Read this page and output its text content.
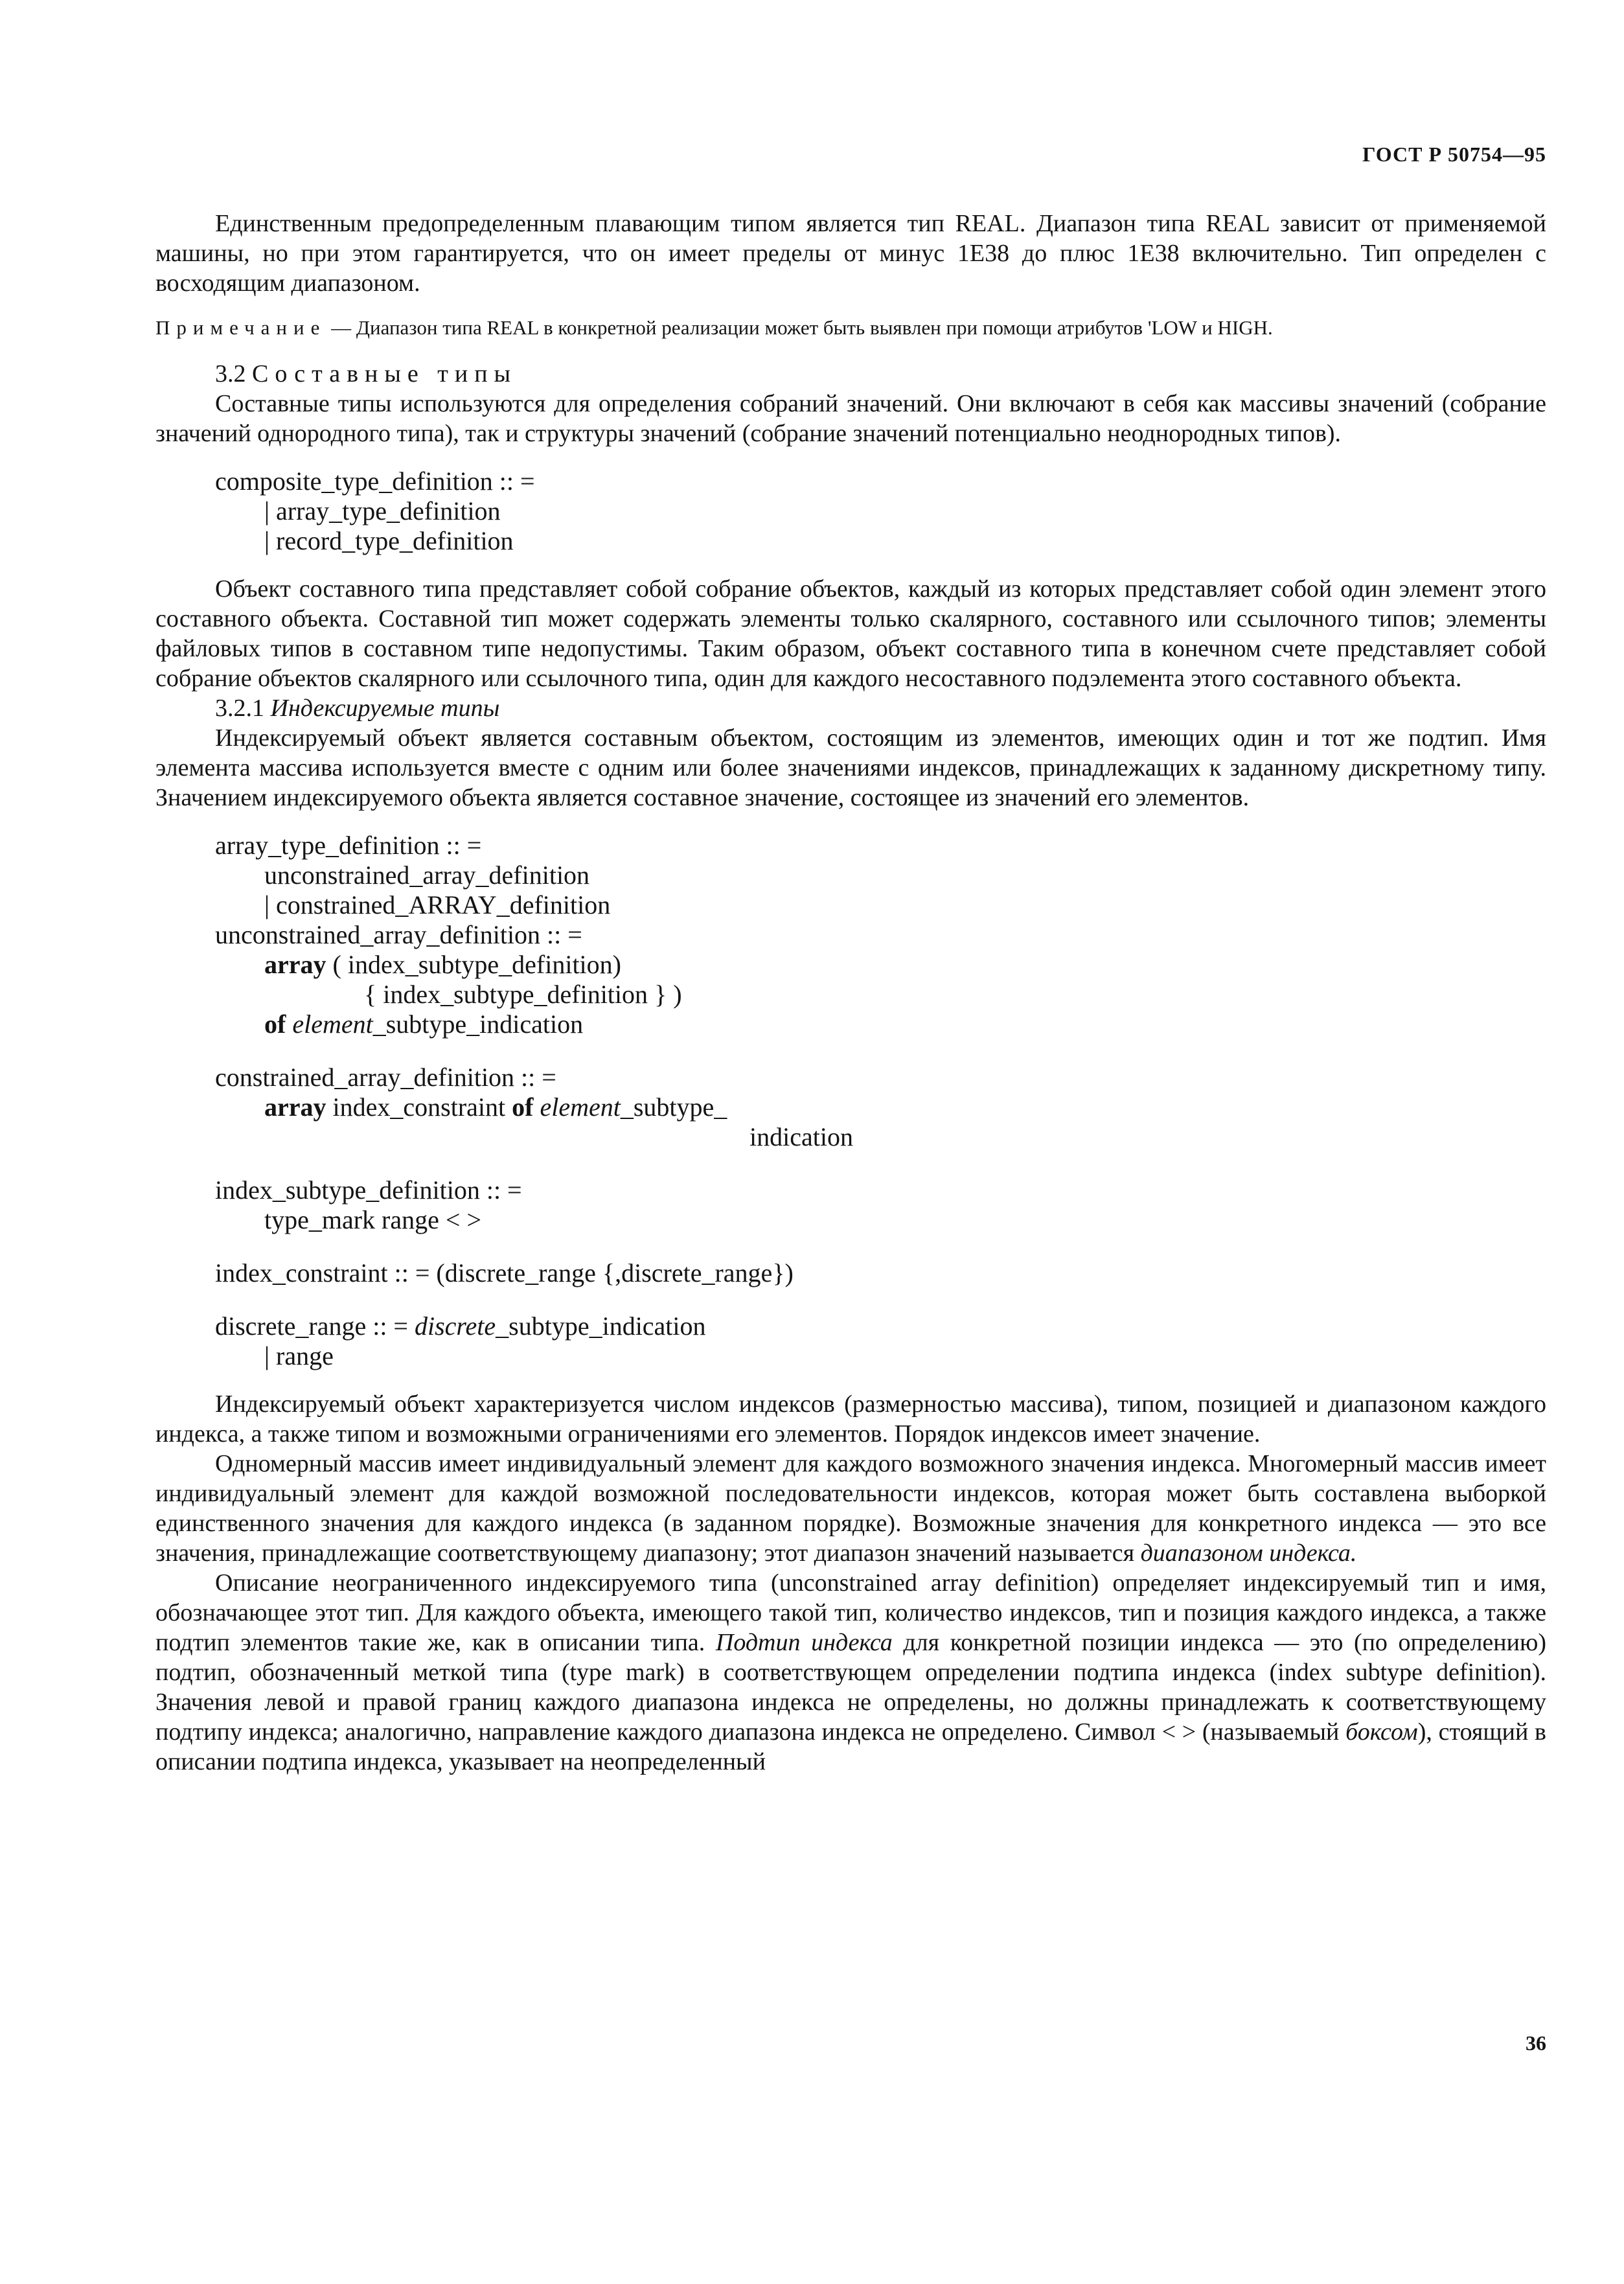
ГОСТ Р 50754—95

Единственным предопределенным плавающим типом является тип REAL. Диапазон типа REAL зависит от применяемой машины, но при этом гарантируется, что он имеет пределы от минус 1E38 до плюс 1E38 включительно. Тип определен с восходящим диапазоном.

Примечание — Диапазон типа REAL в конкретной реализации может быть выявлен при помощи атрибутов 'LOW и HIGH.

3.2 Составные типы

Составные типы используются для определения собраний значений. Они включают в себя как массивы значений (собрание значений однородного типа), так и структуры значений (собрание значений потенциально неоднородных типов).

composite_type_definition :: =
| array_type_definition
| record_type_definition

Объект составного типа представляет собой собрание объектов, каждый из которых представляет собой один элемент этого составного объекта. Составной тип может содержать элементы только скалярного, составного или ссылочного типов; элементы файловых типов в составном типе недопустимы. Таким образом, объект составного типа в конечном счете представляет собой собрание объектов скалярного или ссылочного типа, один для каждого несоставного подэлемента этого составного объекта.

3.2.1 Индексируемые типы

Индексируемый объект является составным объектом, состоящим из элементов, имеющих один и тот же подтип. Имя элемента массива используется вместе с одним или более значениями индексов, принадлежащих к заданному дискретному типу. Значением индексируемого объекта является составное значение, состоящее из значений его элементов.

array_type_definition :: =
unconstrained_array_definition
| constrained_ARRAY_definition
unconstrained_array_definition :: =
array ( index_subtype_definition)
{ index_subtype_definition } )
of element_subtype_indication
constrained_array_definition :: =
array index_constraint of element_subtype_
indication
index_subtype_definition :: =
type_mark range < >
index_constraint :: = (discrete_range {,discrete_range})
discrete_range :: = discrete_subtype_indication
| range

Индексируемый объект характеризуется числом индексов (размерностью массива), типом, позицией и диапазоном каждого индекса, а также типом и возможными ограничениями его элементов. Порядок индексов имеет значение.

Одномерный массив имеет индивидуальный элемент для каждого возможного значения индекса. Многомерный массив имеет индивидуальный элемент для каждой возможной последовательности индексов, которая может быть составлена выборкой единственного значения для каждого индекса (в заданном порядке). Возможные значения для конкретного индекса — это все значения, принадлежащие соответствующему диапазону; этот диапазон значений называется диапазоном индекса.

Описание неограниченного индексируемого типа (unconstrained array definition) определяет индексируемый тип и имя, обозначающее этот тип. Для каждого объекта, имеющего такой тип, количество индексов, тип и позиция каждого индекса, а также подтип элементов такие же, как в описании типа. Подтип индекса для конкретной позиции индекса — это (по определению) подтип, обозначенный меткой типа (type mark) в соответствующем определении подтипа индекса (index subtype definition). Значения левой и правой границ каждого диапазона индекса не определены, но должны принадлежать к соответствующему подтипу индекса; аналогично, направление каждого диапазона индекса не определено. Символ < > (называемый боксом), стоящий в описании подтипа индекса, указывает на неопределенный

36
